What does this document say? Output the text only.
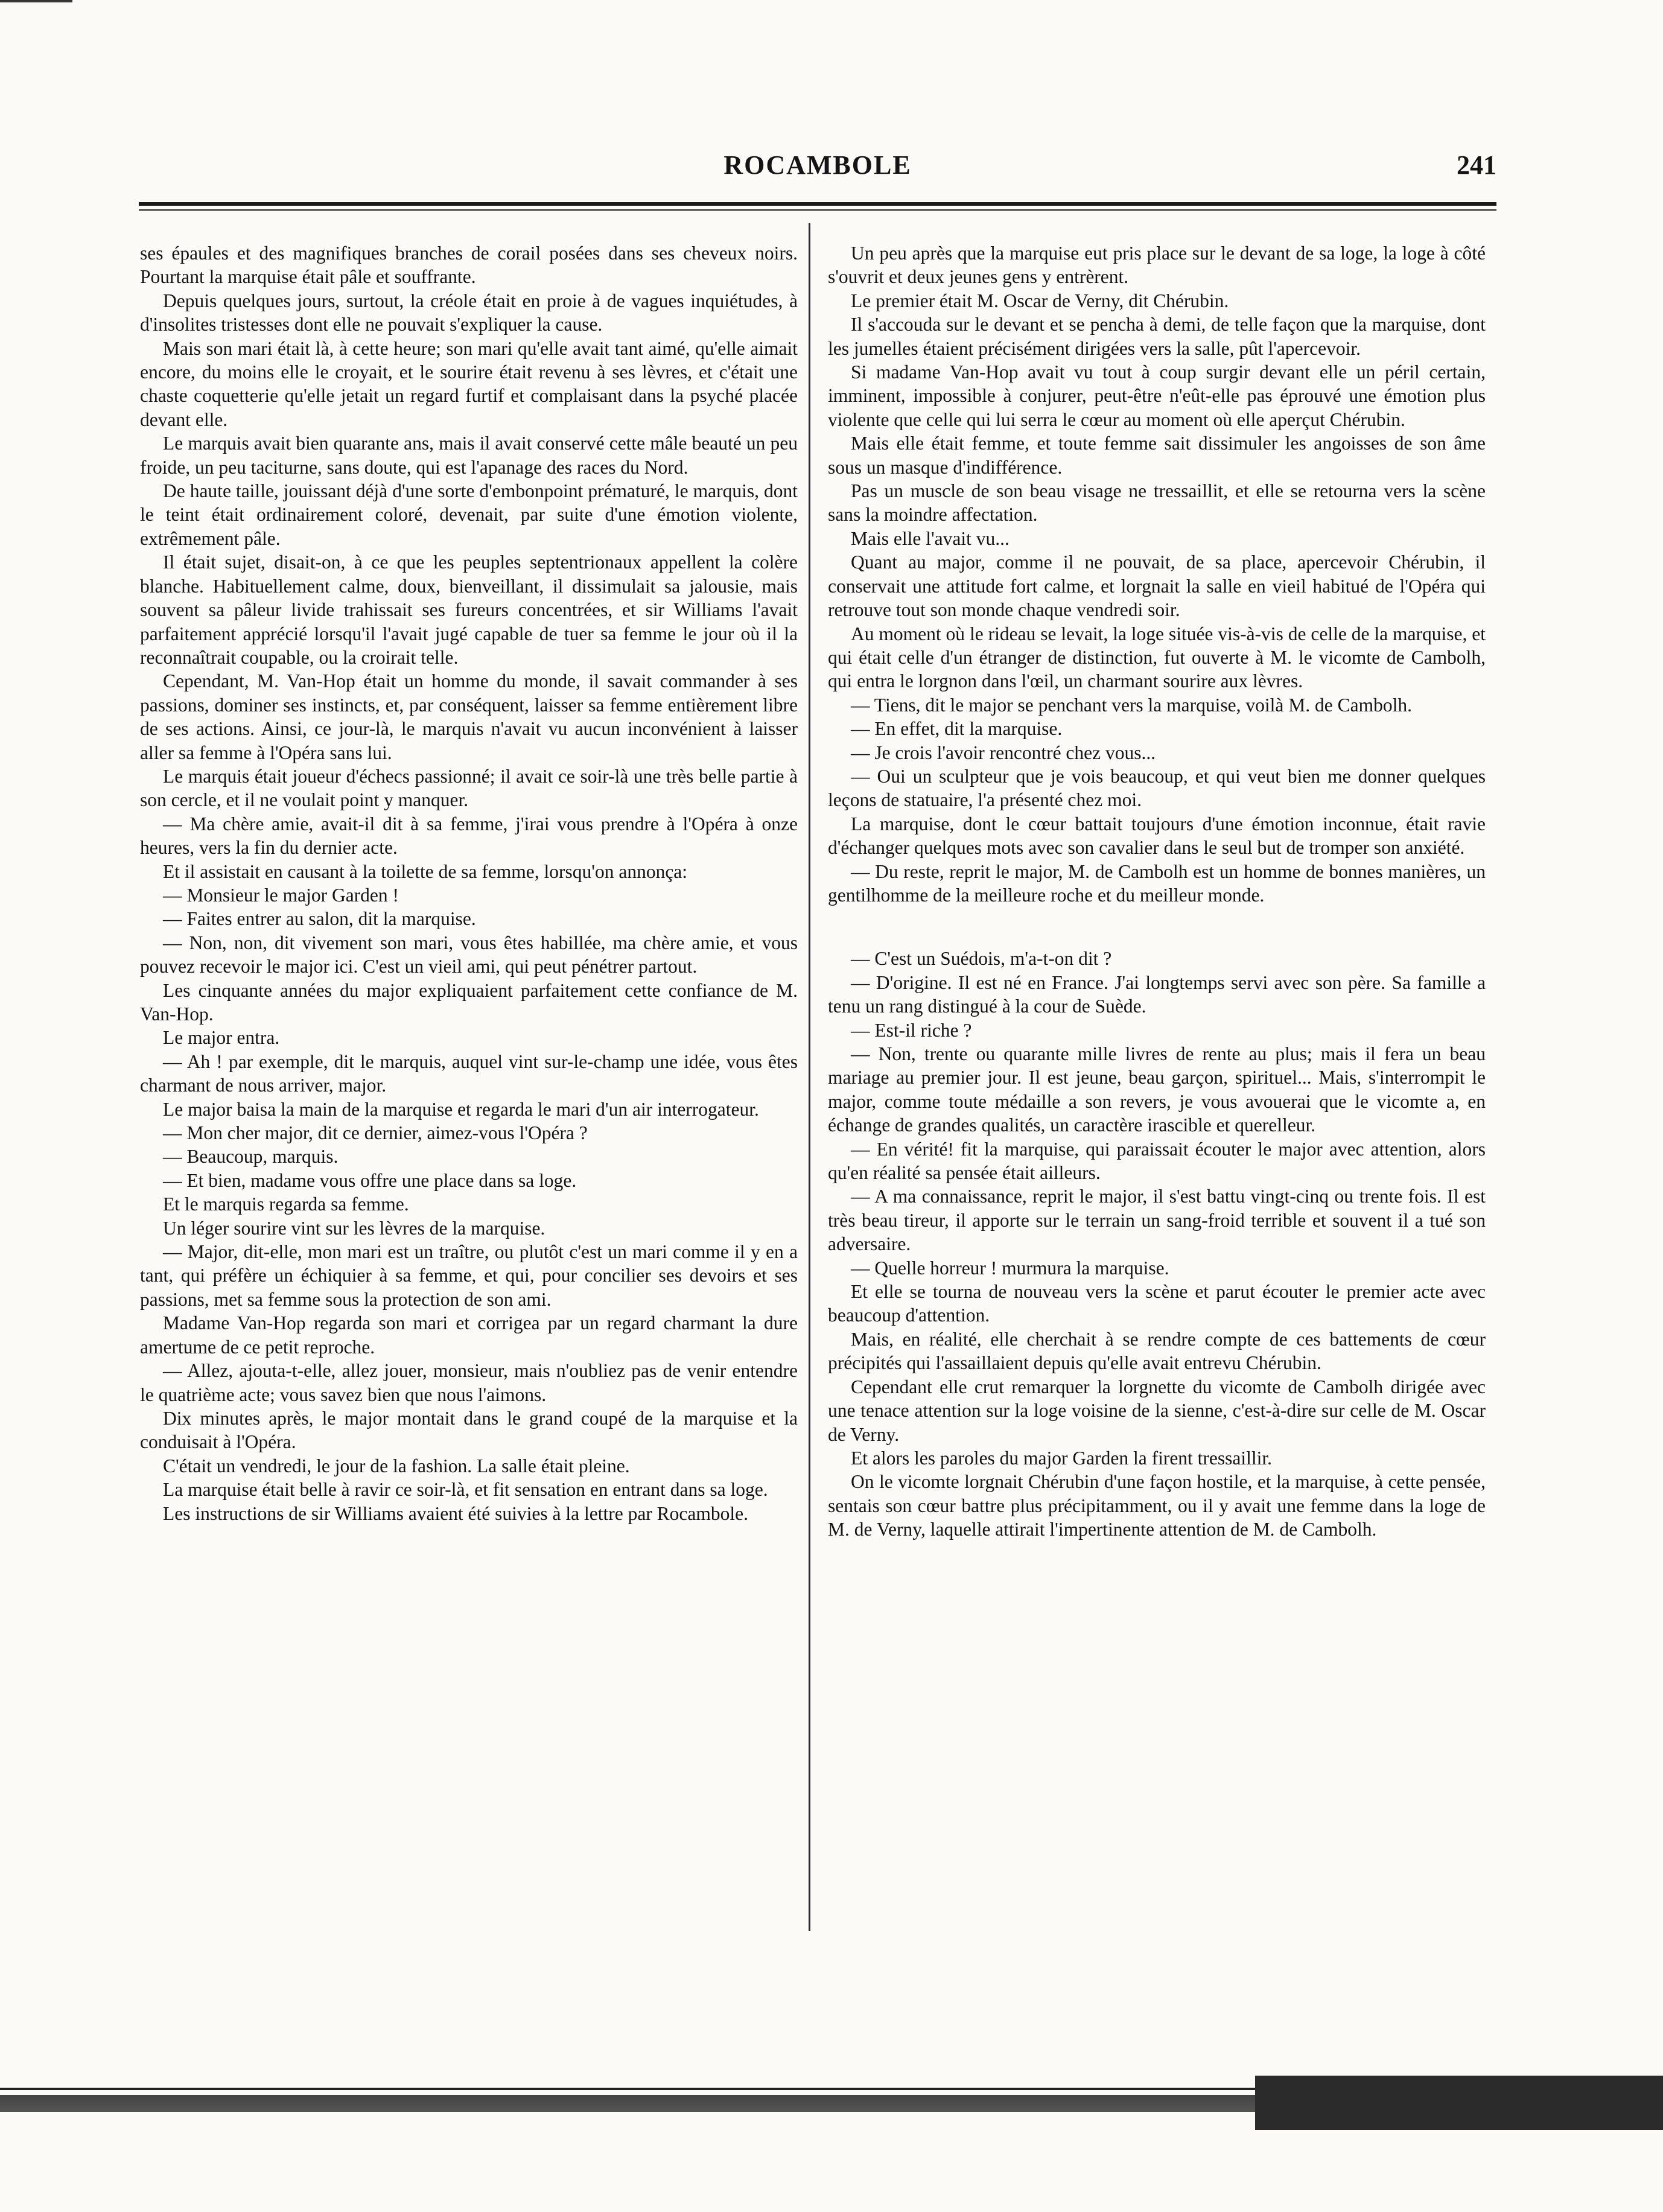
ROCAMBOLE	241

ses épaules et des magnifiques branches de corail posées dans ses cheveux noirs. Pourtant la marquise était pâle et souffrante.

Depuis quelques jours, surtout, la créole était en proie à de vagues inquiétudes, à d'insolites tristesses dont elle ne pouvait s'expliquer la cause.

Mais son mari était là, à cette heure; son mari qu'elle avait tant aimé, qu'elle aimait encore, du moins elle le croyait, et le sourire était revenu à ses lèvres, et c'était une chaste coquetterie qu'elle jetait un regard furtif et complaisant dans la psyché placée devant elle.

Le marquis avait bien quarante ans, mais il avait conservé cette mâle beauté un peu froide, un peu taciturne, sans doute, qui est l'apanage des races du Nord.

De haute taille, jouissant déjà d'une sorte d'embonpoint prématuré, le marquis, dont le teint était ordinairement coloré, devenait, par suite d'une émotion violente, extrêmement pâle.

Il était sujet, disait-on, à ce que les peuples septentrionaux appellent la colère blanche. Habituellement calme, doux, bienveillant, il dissimulait sa jalousie, mais souvent sa pâleur livide trahissait ses fureurs concentrées, et sir Williams l'avait parfaitement apprécié lorsqu'il l'avait jugé capable de tuer sa femme le jour où il la reconnaîtrait coupable, ou la croirait telle.

Cependant, M. Van-Hop était un homme du monde, il savait commander à ses passions, dominer ses instincts, et, par conséquent, laisser sa femme entièrement libre de ses actions. Ainsi, ce jour-là, le marquis n'avait vu aucun inconvénient à laisser aller sa femme à l'Opéra sans lui.

Le marquis était joueur d'échecs passionné; il avait ce soir-là une très belle partie à son cercle, et il ne voulait point y manquer.

— Ma chère amie, avait-il dit à sa femme, j'irai vous prendre à l'Opéra à onze heures, vers la fin du dernier acte.

Et il assistait en causant à la toilette de sa femme, lorsqu'on annonça:

— Monsieur le major Garden !

— Faites entrer au salon, dit la marquise.

— Non, non, dit vivement son mari, vous êtes habillée, ma chère amie, et vous pouvez recevoir le major ici. C'est un vieil ami, qui peut pénétrer partout.

Les cinquante années du major expliquaient parfaitement cette confiance de M. Van-Hop.

Le major entra.

— Ah ! par exemple, dit le marquis, auquel vint sur-le-champ une idée, vous êtes charmant de nous arriver, major.

Le major baisa la main de la marquise et regarda le mari d'un air interrogateur.

— Mon cher major, dit ce dernier, aimez-vous l'Opéra ?

— Beaucoup, marquis.

— Et bien, madame vous offre une place dans sa loge.

Et le marquis regarda sa femme.

Un léger sourire vint sur les lèvres de la marquise.

— Major, dit-elle, mon mari est un traître, ou plutôt c'est un mari comme il y en a tant, qui préfère un échiquier à sa femme, et qui, pour concilier ses devoirs et ses passions, met sa femme sous la protection de son ami.

Madame Van-Hop regarda son mari et corrigea par un regard charmant la dure amertume de ce petit reproche.

— Allez, ajouta-t-elle, allez jouer, monsieur, mais n'oubliez pas de venir entendre le quatrième acte; vous savez bien que nous l'aimons.

Dix minutes après, le major montait dans le grand coupé de la marquise et la conduisait à l'Opéra.

C'était un vendredi, le jour de la fashion. La salle était pleine.

La marquise était belle à ravir ce soir-là, et fit sensation en entrant dans sa loge.

Les instructions de sir Williams avaient été suivies à la lettre par Rocambole.

Un peu après que la marquise eut pris place sur le devant de sa loge, la loge à côté s'ouvrit et deux jeunes gens y entrèrent.

Le premier était M. Oscar de Verny, dit Chérubin.

Il s'accouda sur le devant et se pencha à demi, de telle façon que la marquise, dont les jumelles étaient précisément dirigées vers la salle, pût l'apercevoir.

Si madame Van-Hop avait vu tout à coup surgir devant elle un péril certain, imminent, impossible à conjurer, peut-être n'eût-elle pas éprouvé une émotion plus violente que celle qui lui serra le cœur au moment où elle aperçut Chérubin.

Mais elle était femme, et toute femme sait dissimuler les angoisses de son âme sous un masque d'indifférence.

Pas un muscle de son beau visage ne tressaillit, et elle se retourna vers la scène sans la moindre affectation.

Mais elle l'avait vu...

Quant au major, comme il ne pouvait, de sa place, apercevoir Chérubin, il conservait une attitude fort calme, et lorgnait la salle en vieil habitué de l'Opéra qui retrouve tout son monde chaque vendredi soir.

Au moment où le rideau se levait, la loge située vis-à-vis de celle de la marquise, et qui était celle d'un étranger de distinction, fut ouverte à M. le vicomte de Cambolh, qui entra le lorgnon dans l'œil, un charmant sourire aux lèvres.

— Tiens, dit le major se penchant vers la marquise, voilà M. de Cambolh.

— En effet, dit la marquise.

— Je crois l'avoir rencontré chez vous...

— Oui un sculpteur que je vois beaucoup, et qui veut bien me donner quelques leçons de statuaire, l'a présenté chez moi.

La marquise, dont le cœur battait toujours d'une émotion inconnue, était ravie d'échanger quelques mots avec son cavalier dans le seul but de tromper son anxiété.

— Du reste, reprit le major, M. de Cambolh est un homme de bonnes manières, un gentilhomme de la meilleure roche et du meilleur monde.

— C'est un Suédois, m'a-t-on dit ?

— D'origine. Il est né en France. J'ai longtemps servi avec son père. Sa famille a tenu un rang distingué à la cour de Suède.

— Est-il riche ?

— Non, trente ou quarante mille livres de rente au plus; mais il fera un beau mariage au premier jour. Il est jeune, beau garçon, spirituel... Mais, s'interrompit le major, comme toute médaille a son revers, je vous avouerai que le vicomte a, en échange de grandes qualités, un caractère irascible et querelleur.

— En vérité! fit la marquise, qui paraissait écouter le major avec attention, alors qu'en réalité sa pensée était ailleurs.

— A ma connaissance, reprit le major, il s'est battu vingt-cinq ou trente fois. Il est très beau tireur, il apporte sur le terrain un sang-froid terrible et souvent il a tué son adversaire.

— Quelle horreur ! murmura la marquise.

Et elle se tourna de nouveau vers la scène et parut écouter le premier acte avec beaucoup d'attention.

Mais, en réalité, elle cherchait à se rendre compte de ces battements de cœur précipités qui l'assaillaient depuis qu'elle avait entrevu Chérubin.

Cependant elle crut remarquer la lorgnette du vicomte de Cambolh dirigée avec une tenace attention sur la loge voisine de la sienne, c'est-à-dire sur celle de M. Oscar de Verny.

Et alors les paroles du major Garden la firent tressaillir.

On le vicomte lorgnait Chérubin d'une façon hostile, et la marquise, à cette pensée, sentais son cœur battre plus précipitamment, ou il y avait une femme dans la loge de M. de Verny, laquelle attirait l'impertinente attention de M. de Cambolh.
